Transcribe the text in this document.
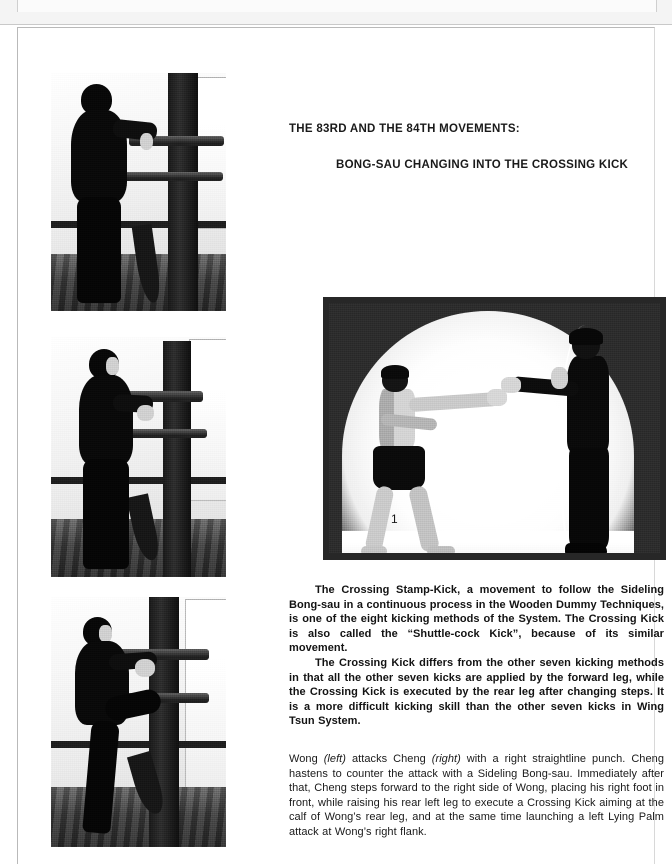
THE 83RD AND THE 84TH MOVEMENTS:

BONG-SAU CHANGING INTO THE CROSSING KICK

1

The Crossing Stamp-Kick, a movement to follow the Sideling Bong-sau in a continuous process in the Wooden Dummy Techniques, is one of the eight kicking methods of the System. The Crossing Kick is also called the “Shuttle-cock Kick”, because of its similar movement.

The Crossing Kick differs from the other seven kicking methods in that all the other seven kicks are applied by the forward leg, while the Crossing Kick is executed by the rear leg after changing steps. It is a more difficult kicking skill than the other seven kicks in Wing Tsun System.

Wong (left) attacks Cheng (right) with a right straightline punch. Cheng hastens to counter the attack with a Sideling Bong-sau. Immediately after that, Cheng steps forward to the right side of Wong, placing his right foot in front, while raising his rear left leg to execute a Crossing Kick aiming at the calf of Wong’s rear leg, and at the same time launching a left Lying Palm attack at Wong’s right flank.
